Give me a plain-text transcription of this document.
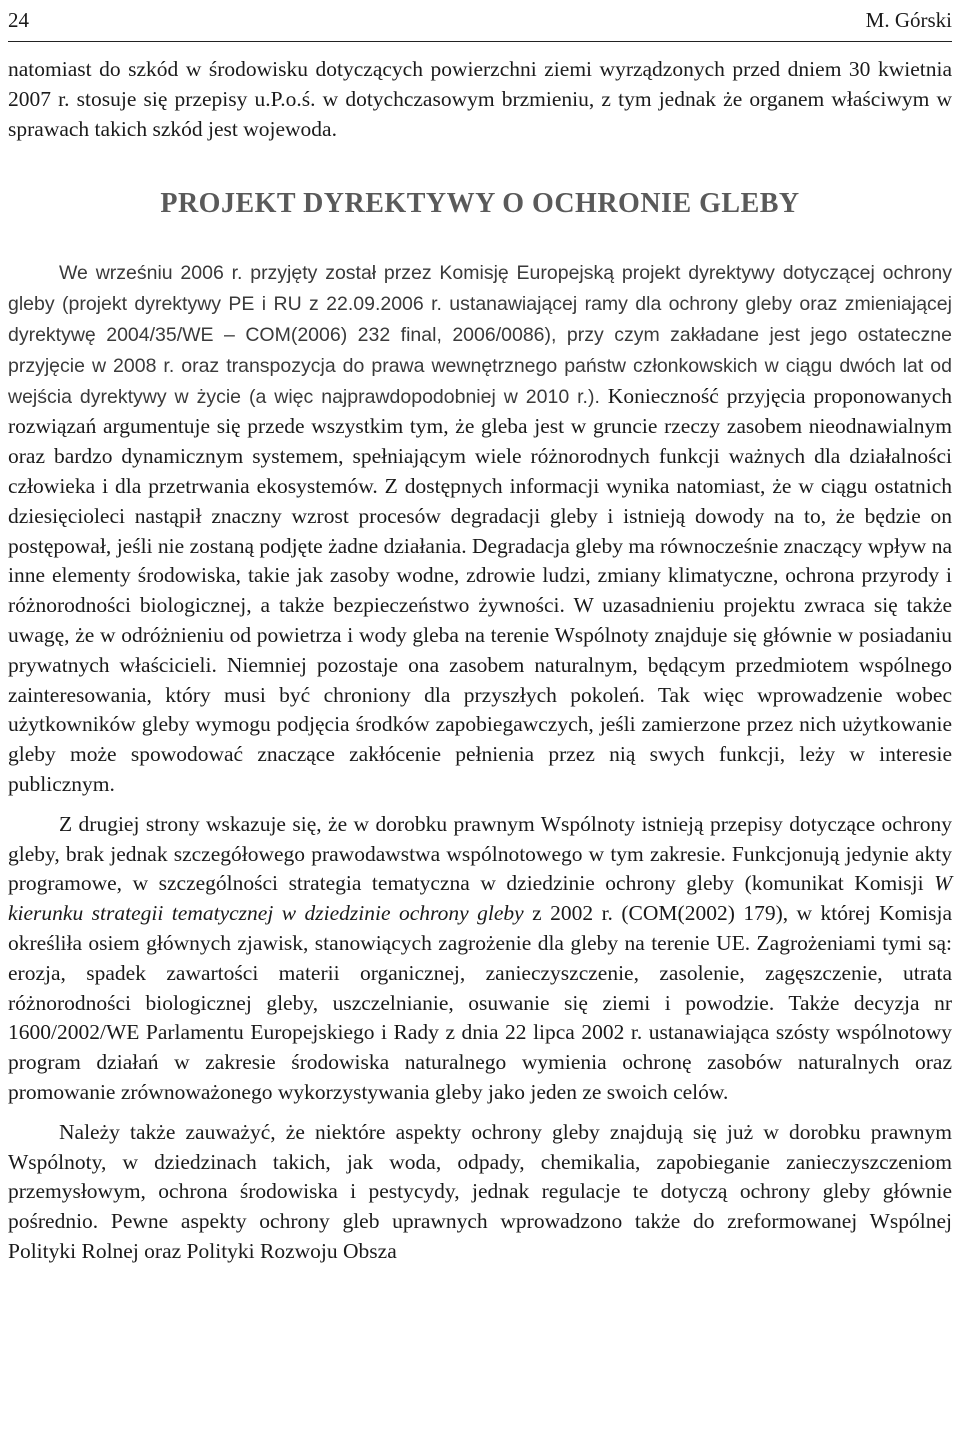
24	M. Górski

natomiast do szkód w środowisku dotyczących powierzchni ziemi wyrządzonych przed dniem 30 kwietnia 2007 r. stosuje się przepisy u.P.o.ś. w dotychczasowym brzmieniu, z tym jednak że organem właściwym w sprawach takich szkód jest wojewoda.

PROJEKT DYREKTYWY O OCHRONIE GLEBY

We wrześniu 2006 r. przyjęty został przez Komisję Europejską projekt dyrektywy dotyczącej ochrony gleby (projekt dyrektywy PE i RU z 22.09.2006 r. ustanawiającej ramy dla ochrony gleby oraz zmieniającej dyrektywę 2004/35/WE – COM(2006) 232 final, 2006/0086), przy czym zakładane jest jego ostateczne przyjęcie w 2008 r. oraz transpozycja do prawa wewnętrznego państw członkowskich w ciągu dwóch lat od wejścia dyrektywy w życie (a więc najprawdopodobniej w 2010 r.). Konieczność przyjęcia proponowanych rozwiązań argumentuje się przede wszystkim tym, że gleba jest w gruncie rzeczy zasobem nieodnawialnym oraz bardzo dynamicznym systemem, spełniającym wiele różnorodnych funkcji ważnych dla działalności człowieka i dla przetrwania ekosystemów. Z dostępnych informacji wynika natomiast, że w ciągu ostatnich dziesięcioleci nastąpił znaczny wzrost procesów degradacji gleby i istnieją dowody na to, że będzie on postępował, jeśli nie zostaną podjęte żadne działania. Degradacja gleby ma równocześnie znaczący wpływ na inne elementy środowiska, takie jak zasoby wodne, zdrowie ludzi, zmiany klimatyczne, ochrona przyrody i różnorodności biologicznej, a także bezpieczeństwo żywności. W uzasadnieniu projektu zwraca się także uwagę, że w odróżnieniu od powietrza i wody gleba na terenie Wspólnoty znajduje się głównie w posiadaniu prywatnych właścicieli. Niemniej pozostaje ona zasobem naturalnym, będącym przedmiotem wspólnego zainteresowania, który musi być chroniony dla przyszłych pokoleń. Tak więc wprowadzenie wobec użytkowników gleby wymogu podjęcia środków zapobiegawczych, jeśli zamierzone przez nich użytkowanie gleby może spowodować znaczące zakłócenie pełnienia przez nią swych funkcji, leży w interesie publicznym.

Z drugiej strony wskazuje się, że w dorobku prawnym Wspólnoty istnieją przepisy dotyczące ochrony gleby, brak jednak szczegółowego prawodawstwa wspólnotowego w tym zakresie. Funkcjonują jedynie akty programowe, w szczególności strategia tematyczna w dziedzinie ochrony gleby (komunikat Komisji W kierunku strategii tematycznej w dziedzinie ochrony gleby z 2002 r. (COM(2002) 179), w której Komisja określiła osiem głównych zjawisk, stanowiących zagrożenie dla gleby na terenie UE. Zagrożeniami tymi są: erozja, spadek zawartości materii organicznej, zanieczyszczenie, zasolenie, zagęszczenie, utrata różnorodności biologicznej gleby, uszczelnianie, osuwanie się ziemi i powodzie. Także decyzja nr 1600/2002/WE Parlamentu Europejskiego i Rady z dnia 22 lipca 2002 r. ustanawiająca szósty wspólnotowy program działań w zakresie środowiska naturalnego wymienia ochronę zasobów naturalnych oraz promowanie zrównoważonego wykorzystywania gleby jako jeden ze swoich celów.

Należy także zauważyć, że niektóre aspekty ochrony gleby znajdują się już w dorobku prawnym Wspólnoty, w dziedzinach takich, jak woda, odpady, chemikalia, zapobieganie zanieczyszczeniom przemysłowym, ochrona środowiska i pestycydy, jednak regulacje te dotyczą ochrony gleby głównie pośrednio. Pewne aspekty ochrony gleb uprawnych wprowadzono także do zreformowanej Wspólnej Polityki Rolnej oraz Polityki Rozwoju Obsza
